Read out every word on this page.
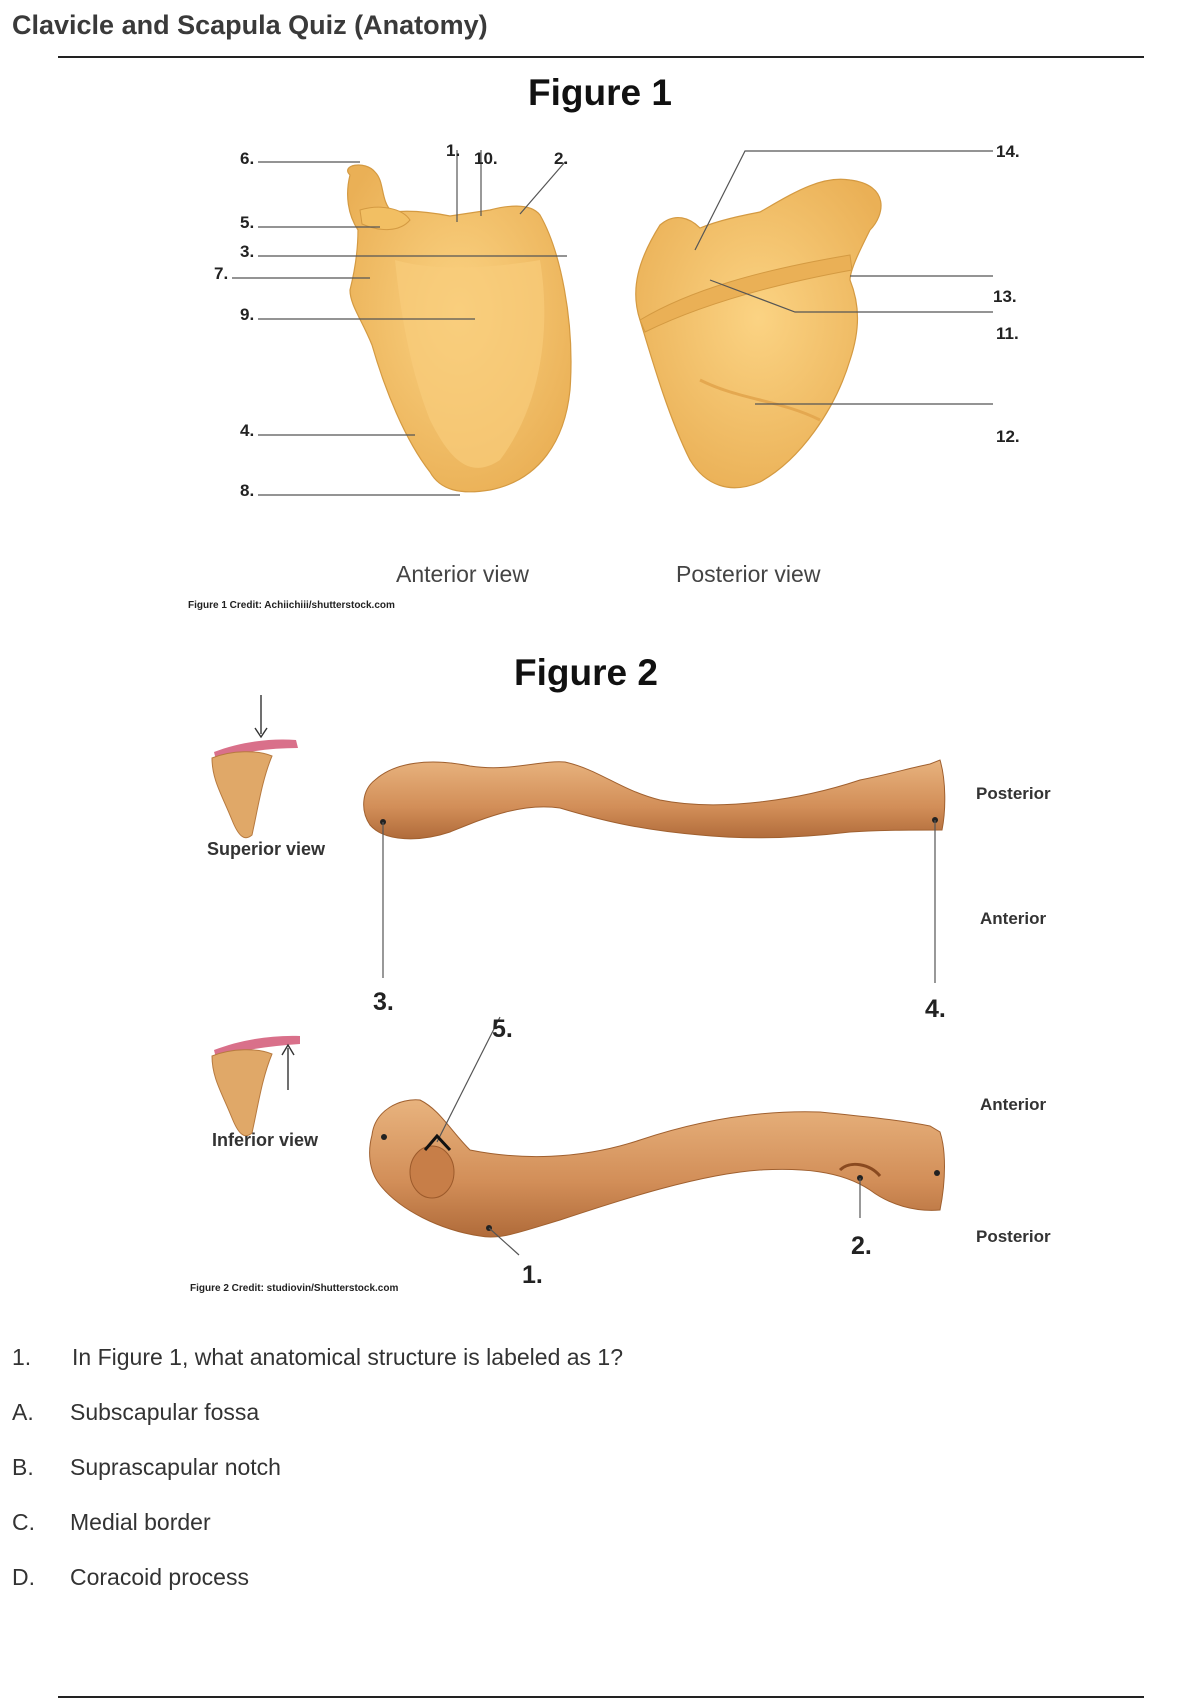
Clavicle and Scapula Quiz (Anatomy)
Figure 1
6.
5.
3.
7.
9.
4.
8.
1. 10.	2.	14.
13.
11.
12.
Anterior view	Posterior view
Figure 1 Credit: Achiichiii/shutterstock.com
Figure 2
Superior view
3.	4.
Posterior
Anterior
Inferior view
5.
1.
2.
Anterior
Posterior
Figure 2 Credit: studiovin/Shutterstock.com
1. In Figure 1, what anatomical structure is labeled as 1?
A. Subscapular fossa
B. Suprascapular notch
C. Medial border
D. Coracoid process
